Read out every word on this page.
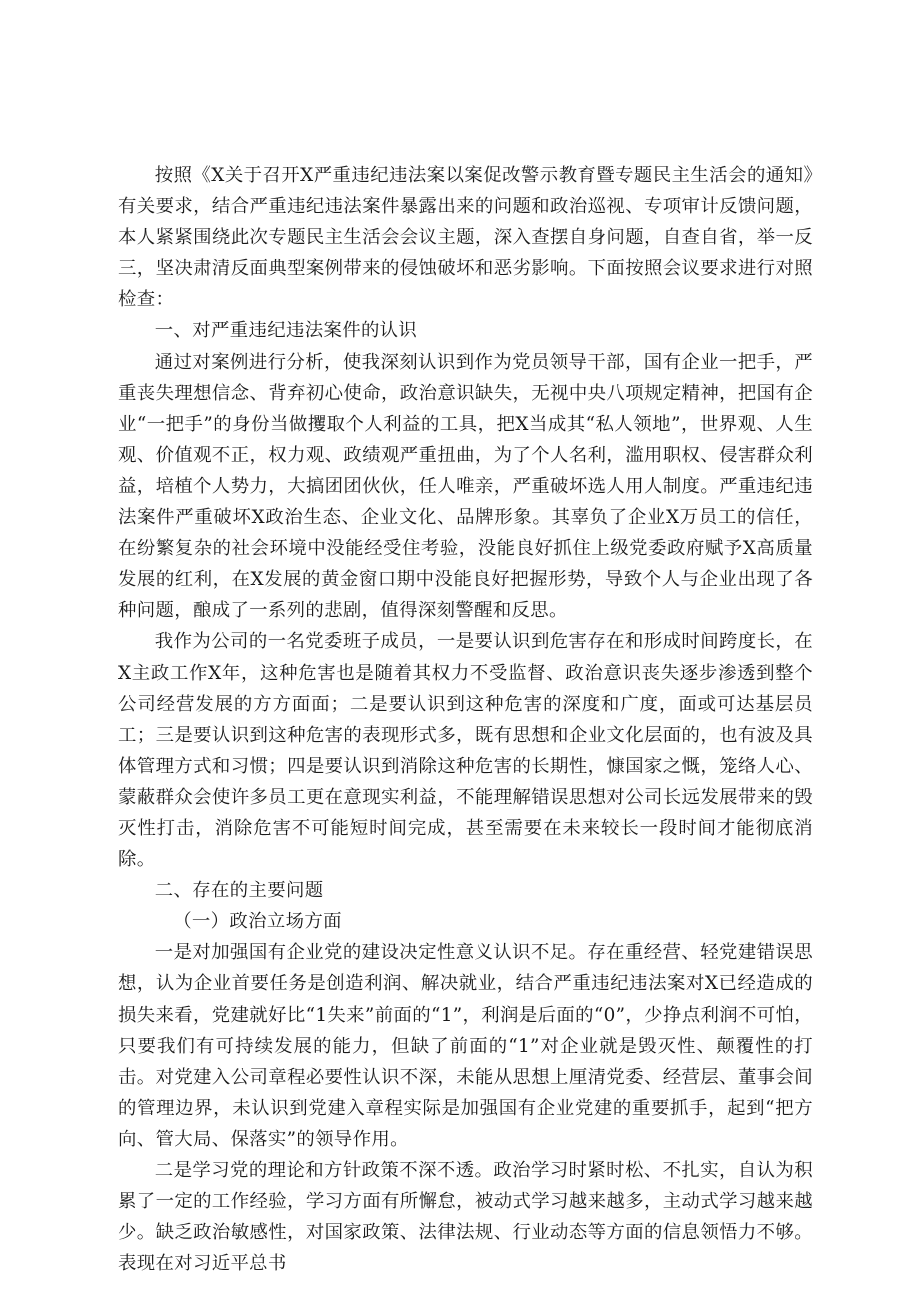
按照《X关于召开X严重违纪违法案以案促改警示教育暨专题民主生活会的通知》有关要求，结合严重违纪违法案件暴露出来的问题和政治巡视、专项审计反馈问题，本人紧紧围绕此次专题民主生活会会议主题，深入查摆自身问题，自查自省，举一反三，坚决肃清反面典型案例带来的侵蚀破坏和恶劣影响。下面按照会议要求进行对照检查：

一、对严重违纪违法案件的认识

通过对案例进行分析，使我深刻认识到作为党员领导干部，国有企业一把手，严重丧失理想信念、背弃初心使命，政治意识缺失，无视中央八项规定精神，把国有企业“一把手”的身份当做攫取个人利益的工具，把X当成其“私人领地”，世界观、人生观、价值观不正，权力观、政绩观严重扭曲，为了个人名利，滥用职权、侵害群众利益，培植个人势力，大搞团团伙伙，任人唯亲，严重破坏选人用人制度。严重违纪违法案件严重破坏X政治生态、企业文化、品牌形象。其辜负了企业X万员工的信任，在纷繁复杂的社会环境中没能经受住考验，没能良好抓住上级党委政府赋予X高质量发展的红利，在X发展的黄金窗口期中没能良好把握形势，导致个人与企业出现了各种问题，酿成了一系列的悲剧，值得深刻警醒和反思。

我作为公司的一名党委班子成员，一是要认识到危害存在和形成时间跨度长，在X主政工作X年，这种危害也是随着其权力不受监督、政治意识丧失逐步渗透到整个公司经营发展的方方面面；二是要认识到这种危害的深度和广度，面或可达基层员工；三是要认识到这种危害的表现形式多，既有思想和企业文化层面的，也有波及具体管理方式和习惯；四是要认识到消除这种危害的长期性，慷国家之慨，笼络人心、蒙蔽群众会使许多员工更在意现实利益，不能理解错误思想对公司长远发展带来的毁灭性打击，消除危害不可能短时间完成，甚至需要在未来较长一段时间才能彻底消除。

二、存在的主要问题

（一）政治立场方面

一是对加强国有企业党的建设决定性意义认识不足。存在重经营、轻党建错误思想，认为企业首要任务是创造利润、解决就业，结合严重违纪违法案对X已经造成的损失来看，党建就好比“1失来”前面的“1”，利润是后面的“0”，少挣点利润不可怕，只要我们有可持续发展的能力，但缺了前面的“1”对企业就是毁灭性、颠覆性的打击。对党建入公司章程必要性认识不深，未能从思想上厘清党委、经营层、董事会间的管理边界，未认识到党建入章程实际是加强国有企业党建的重要抓手，起到“把方向、管大局、保落实”的领导作用。

二是学习党的理论和方针政策不深不透。政治学习时紧时松、不扎实，自认为积累了一定的工作经验，学习方面有所懈怠，被动式学习越来越多，主动式学习越来越少。缺乏政治敏感性，对国家政策、法律法规、行业动态等方面的信息领悟力不够。表现在对习近平总书
